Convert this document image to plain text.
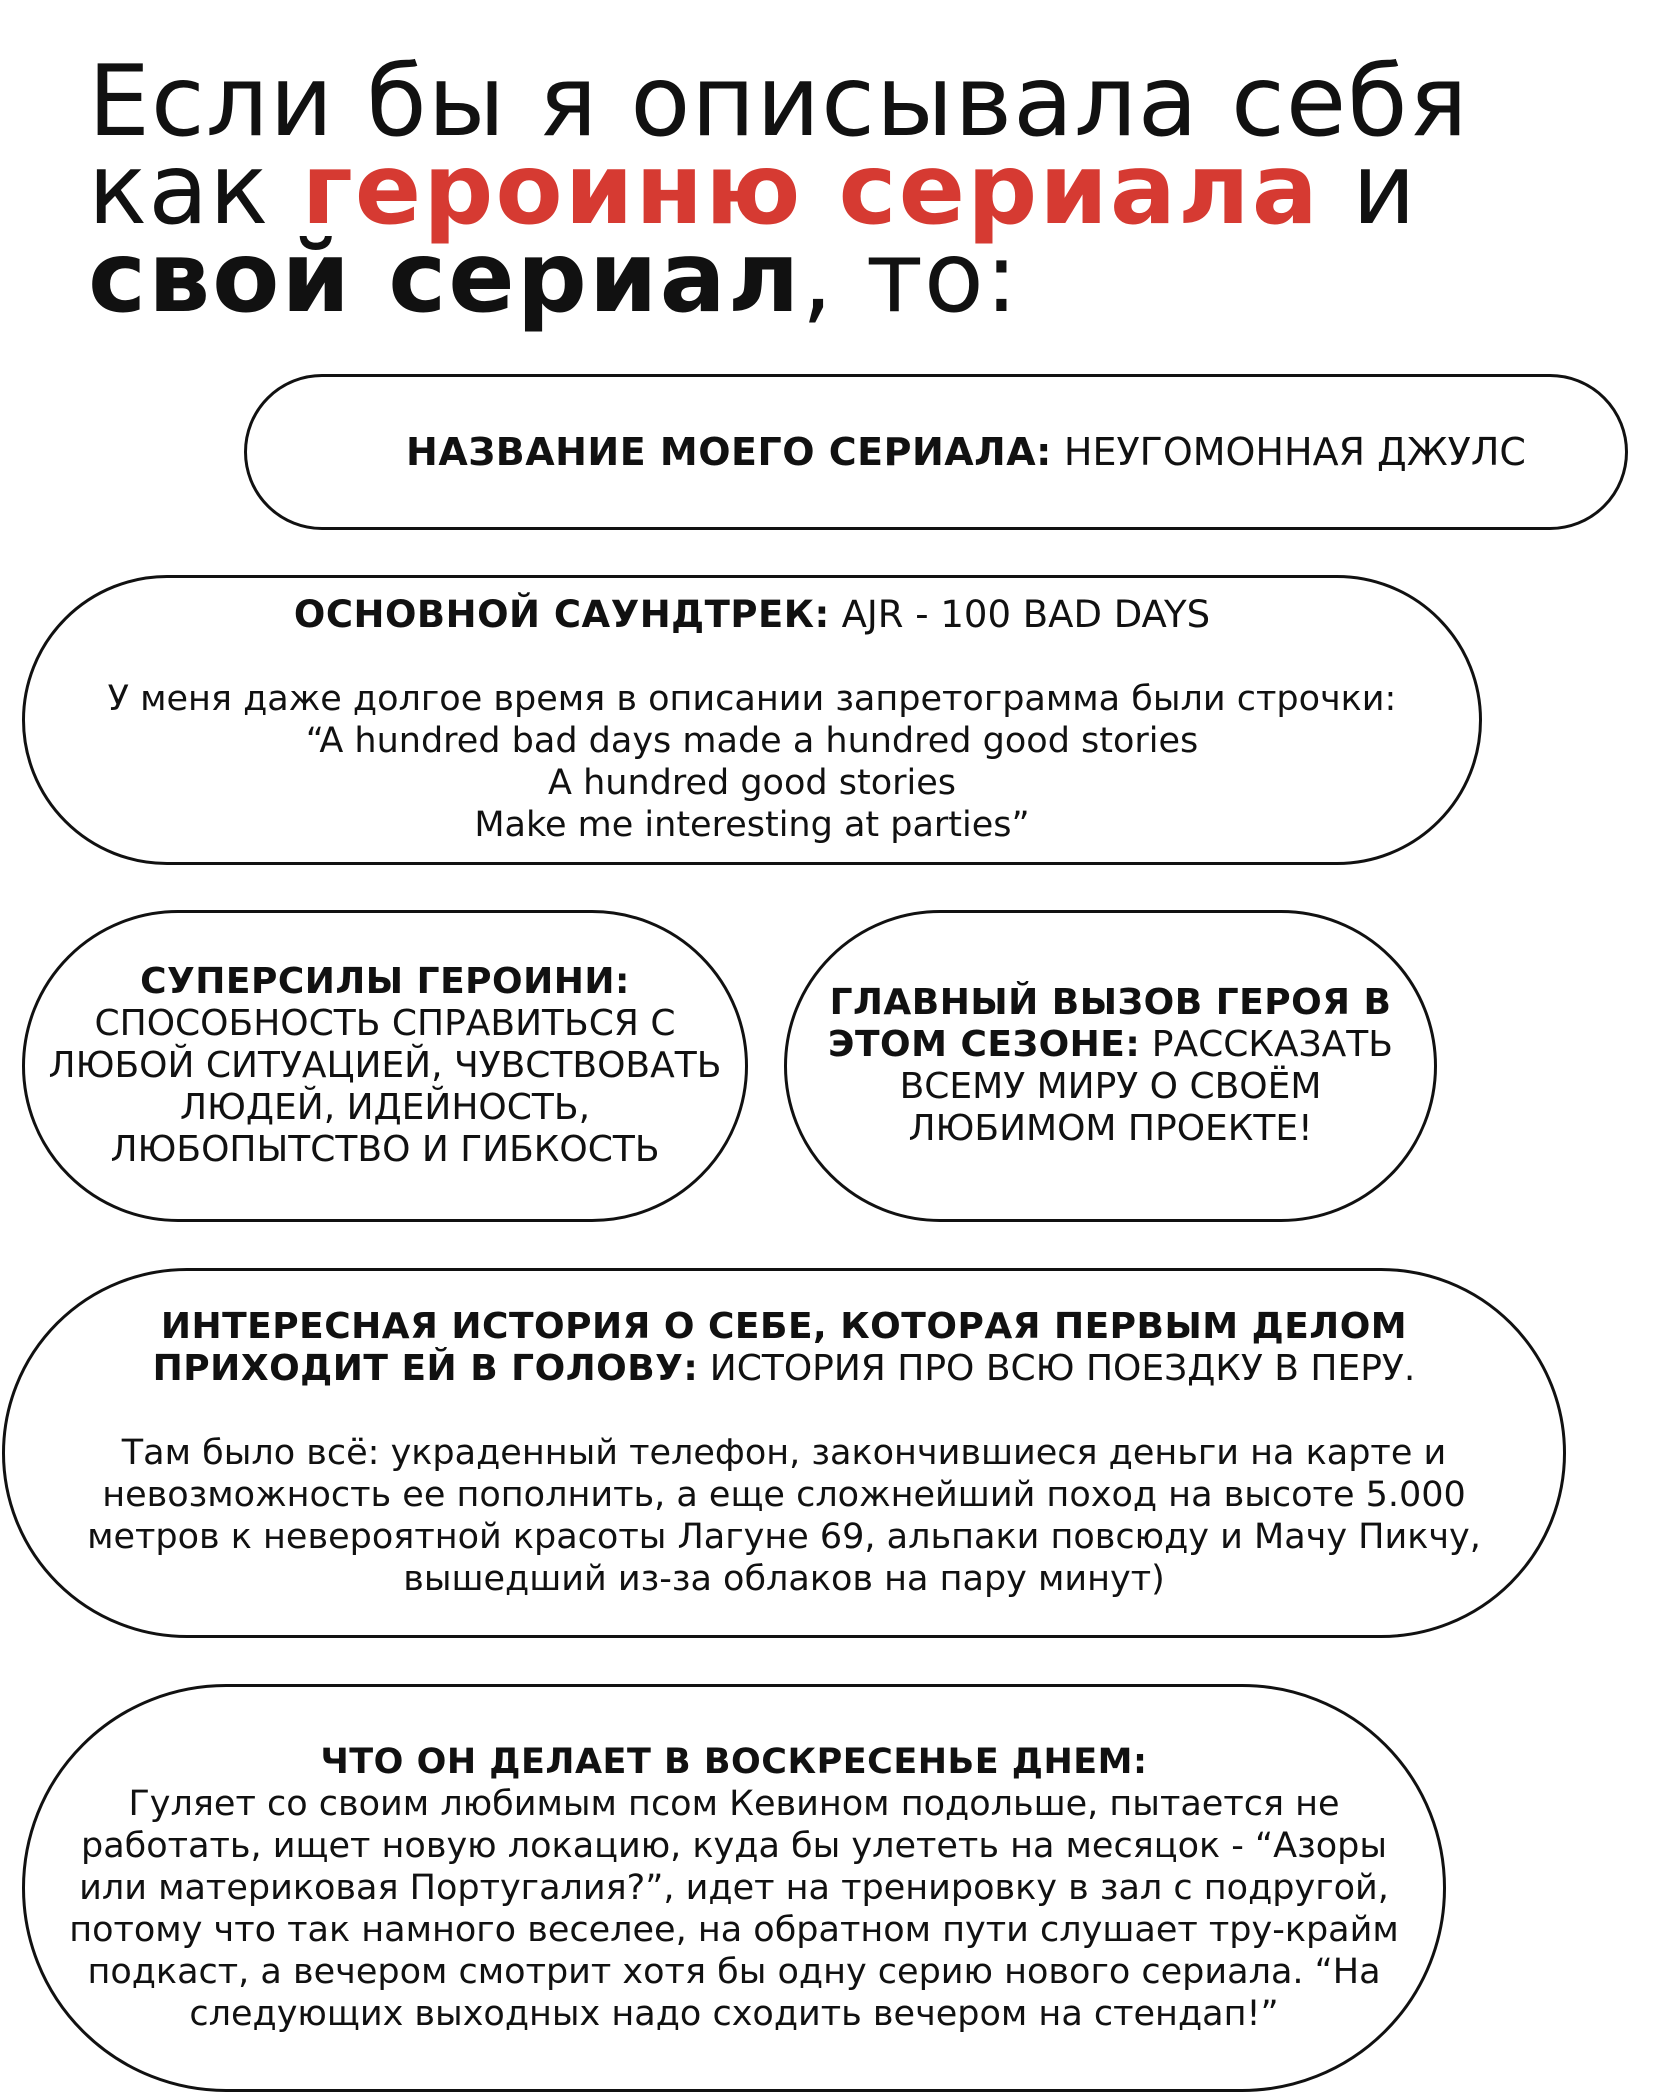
Если бы я описывала себя
как героиню сериала и
свой сериал, то:
НАЗВАНИЕ МОЕГО СЕРИАЛА: НЕУГОМОННАЯ ДЖУЛС
ОСНОВНОЙ САУНДТРЕК: AJR - 100 BAD DAYS
У меня даже долгое время в описании запретограмма были строчки:
“A hundred bad days made a hundred good stories
A hundred good stories
Make me interesting at parties”
СУПЕРСИЛЫ ГЕРОИНИ:
СПОСОБНОСТЬ СПРАВИТЬСЯ С
ЛЮБОЙ СИТУАЦИЕЙ, ЧУВСТВОВАТЬ
ЛЮДЕЙ, ИДЕЙНОСТЬ,
ЛЮБОПЫТСТВО И ГИБКОСТЬ
ГЛАВНЫЙ ВЫЗОВ ГЕРОЯ В
ЭТОМ СЕЗОНЕ: РАССКАЗАТЬ
ВСЕМУ МИРУ О СВОЁМ
ЛЮБИМОМ ПРОЕКТЕ!
ИНТЕРЕСНАЯ ИСТОРИЯ О СЕБЕ, КОТОРАЯ ПЕРВЫМ ДЕЛОМ
ПРИХОДИТ ЕЙ В ГОЛОВУ: ИСТОРИЯ ПРО ВСЮ ПОЕЗДКУ В ПЕРУ.
Там было всё: украденный телефон, закончившиеся деньги на карте и
невозможность ее пополнить, а еще сложнейший поход на высоте 5.000
метров к невероятной красоты Лагуне 69, альпаки повсюду и Мачу Пикчу,
вышедший из-за облаков на пару минут)
ЧТО ОН ДЕЛАЕТ В ВОСКРЕСЕНЬЕ ДНЕМ:
Гуляет со своим любимым псом Кевином подольше, пытается не
работать, ищет новую локацию, куда бы улететь на месяцок - “Азоры
или материковая Португалия?”, идет на тренировку в зал с подругой,
потому что так намного веселее, на обратном пути слушает тру-крайм
подкаст, а вечером смотрит хотя бы одну серию нового сериала. “На
следующих выходных надо сходить вечером на стендап!”
